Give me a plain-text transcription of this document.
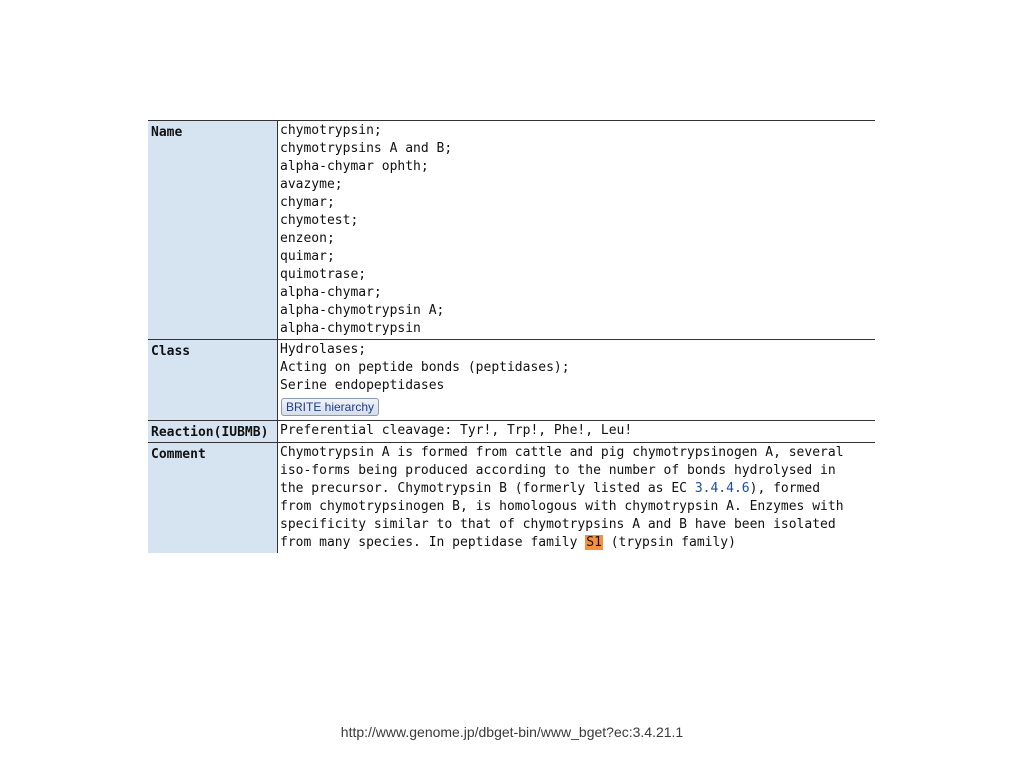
Name	chymotrypsin;
chymotrypsins A and B;
alpha-chymar ophth;
avazyme;
chymar;
chymotest;
enzeon;
quimar;
quimotrase;
alpha-chymar;
alpha-chymotrypsin A;
alpha-chymotrypsin
Class	Hydrolases;
Acting on peptide bonds (peptidases);
Serine endopeptidases
BRITE hierarchy
Reaction(IUBMB) Preferential cleavage: Tyr!, Trp!, Phe!, Leu!
Comment	Chymotrypsin A is formed from cattle and pig chymotrypsinogen A, several
iso-forms being produced according to the number of bonds hydrolysed in
the precursor. Chymotrypsin B (formerly listed as EC 3.4.4.6), formed
from chymotrypsinogen B, is homologous with chymotrypsin A. Enzymes with
specificity similar to that of chymotrypsins A and B have been isolated
from many species. In peptidase family S1 (trypsin family)
http://www.genome.jp/dbget-bin/www_bget?ec:3.4.21.1
